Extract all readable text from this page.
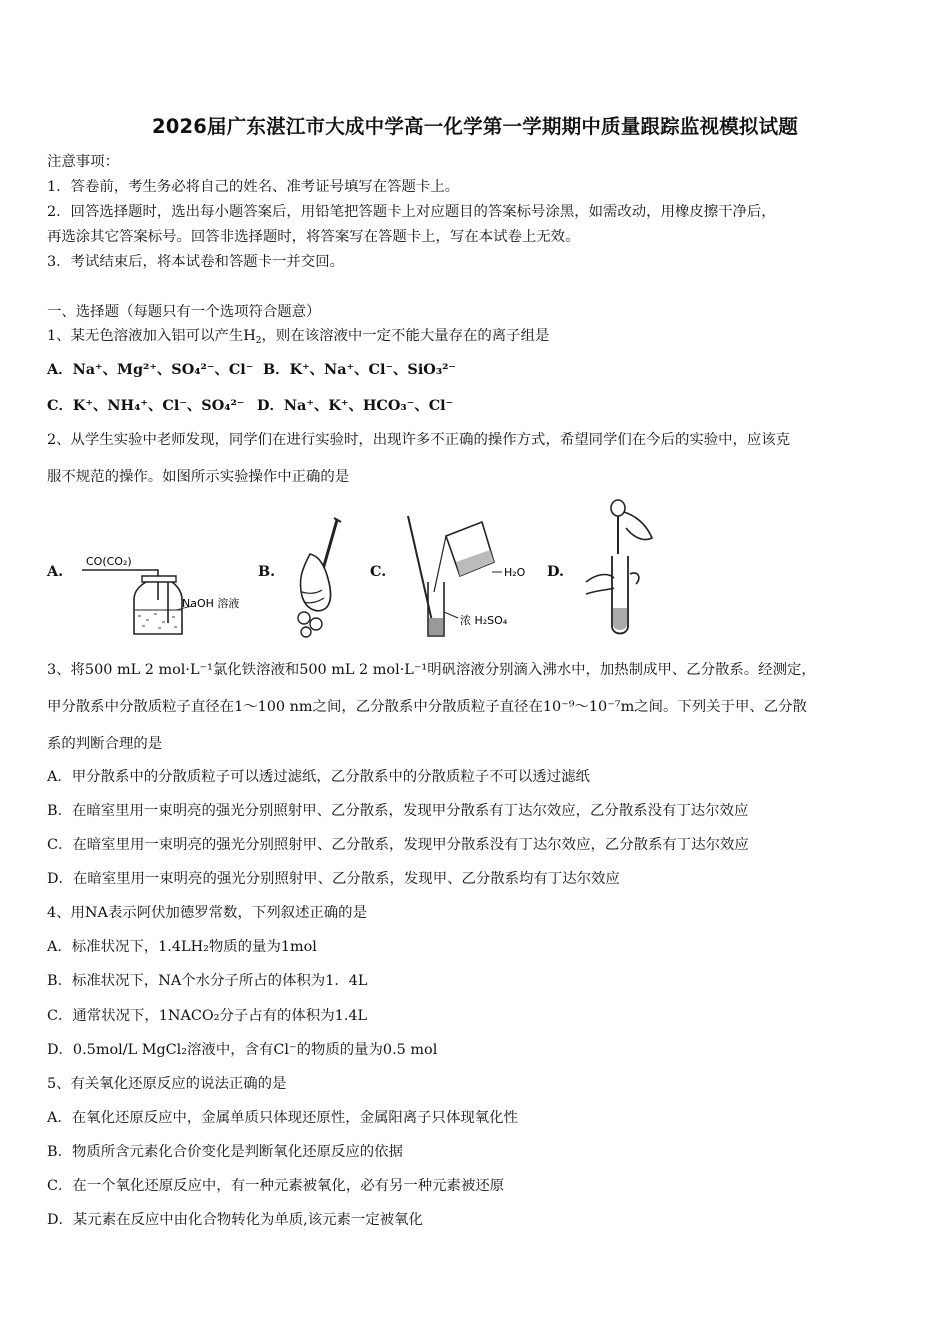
2026届广东湛江市大成中学高一化学第一学期期中质量跟踪监视模拟试题
注意事项：
1．答卷前，考生务必将自己的姓名、准考证号填写在答题卡上。
2．回答选择题时，选出每小题答案后，用铅笔把答题卡上对应题目的答案标号涂黑，如需改动，用橡皮擦干净后，
再选涂其它答案标号。回答非选择题时，将答案写在答题卡上，写在本试卷上无效。
3．考试结束后，将本试卷和答题卡一并交回。
一、选择题（每题只有一个选项符合题意）
1、某无色溶液加入铝可以产生$H_2$，则在该溶液中一定不能大量存在的离子组是
A．Na⁺、Mg²⁺、SO₄²⁻、Cl⁻ B．K⁺、Na⁺、Cl⁻、SiO₃²⁻
C．K⁺、NH₄⁺、Cl⁻、SO₄²⁻ D．Na⁺、K⁺、HCO₃⁻、Cl⁻
2、从学生实验中老师发现，同学们在进行实验时，出现许多不正确的操作方式，希望同学们在今后的实验中，应该克
服不规范的操作。如图所示实验操作中正确的是
A.	B.	C.	D.
CO(CO₂)
NaOH 溶液
H₂O
浓 H₂SO₄
3、将500 mL 2 mol·L⁻¹氯化铁溶液和500 mL 2 mol·L⁻¹明矾溶液分别滴入沸水中，加热制成甲、乙分散系。经测定，
甲分散系中分散质粒子直径在1～100 nm之间，乙分散系中分散质粒子直径在10⁻⁹～10⁻⁷m之间。下列关于甲、乙分散
系的判断合理的是
A．甲分散系中的分散质粒子可以透过滤纸，乙分散系中的分散质粒子不可以透过滤纸
B．在暗室里用一束明亮的强光分别照射甲、乙分散系，发现甲分散系有丁达尔效应，乙分散系没有丁达尔效应
C．在暗室里用一束明亮的强光分别照射甲、乙分散系，发现甲分散系没有丁达尔效应，乙分散系有丁达尔效应
D．在暗室里用一束明亮的强光分别照射甲、乙分散系，发现甲、乙分散系均有丁达尔效应
4、用NA表示阿伏加德罗常数，下列叙述正确的是
A．标准状况下，1.4LH₂物质的量为1mol
B．标准状况下，NA个水分子所占的体积为1．4L
C．通常状况下，1NACO₂分子占有的体积为1.4L
D．0.5mol/L MgCl₂溶液中，含有Cl⁻的物质的量为0.5 mol
5、有关氧化还原反应的说法正确的是
A．在氧化还原反应中，金属单质只体现还原性，金属阳离子只体现氧化性
B．物质所含元素化合价变化是判断氧化还原反应的依据
C．在一个氧化还原反应中，有一种元素被氧化，必有另一种元素被还原
D．某元素在反应中由化合物转化为单质,该元素一定被氧化
